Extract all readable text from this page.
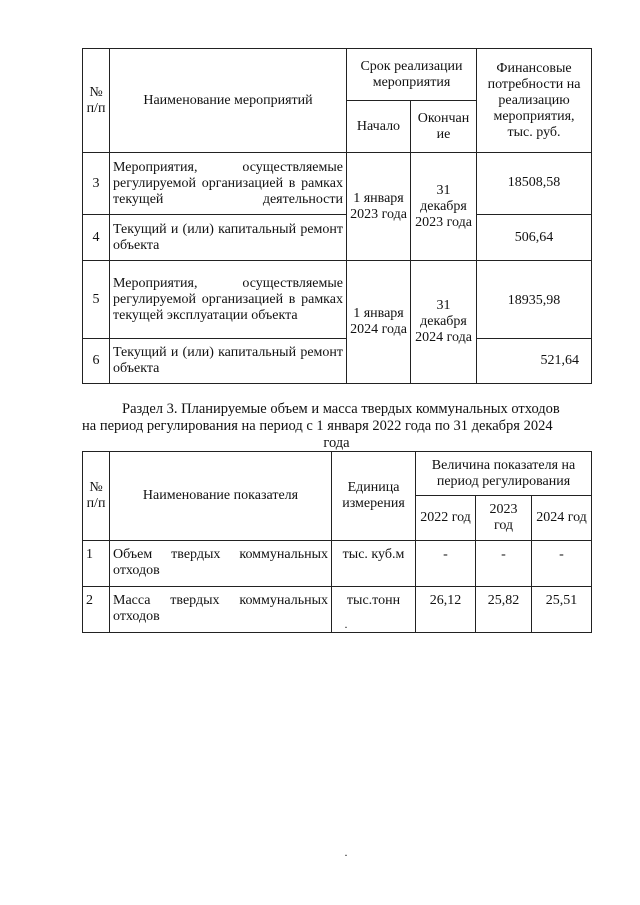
№ п/п	Наименование мероприятий	Срок реализации мероприятия		Финансовые потребности на реализацию мероприятия, тыс. руб.
		Начало	Окончан ие	
3	Мероприятия, осуществляемые регулируемой организацией в рамках текущей деятельности	1 января 2023 года	31 декабря 2023 года	18508,58
4	Текущий и (или) капитальный ремонт объекта			506,64
5	Мероприятия, осуществляемые регулируемой организацией в рамках текущей эксплуатации объекта	1 января 2024 года	31 декабря 2024 года	18935,98
6	Текущий и (или) капитальный ремонт объекта			521,64
Раздел 3. Планируемые объем и масса твердых коммунальных отходов
на период регулирования на период с 1 января 2022 года по 31 декабря 2024
года
№ п/п	Наименование показателя	Единица измерения	Величина показателя на период регулирования		
			2022 год	2023 год	2024 год
1	Объем твердых коммунальных отходов	тыс. куб.м	-	-	-
2	Масса твердых коммунальных отходов	тыс.тонн	26,12	25,82	25,51
·
·
